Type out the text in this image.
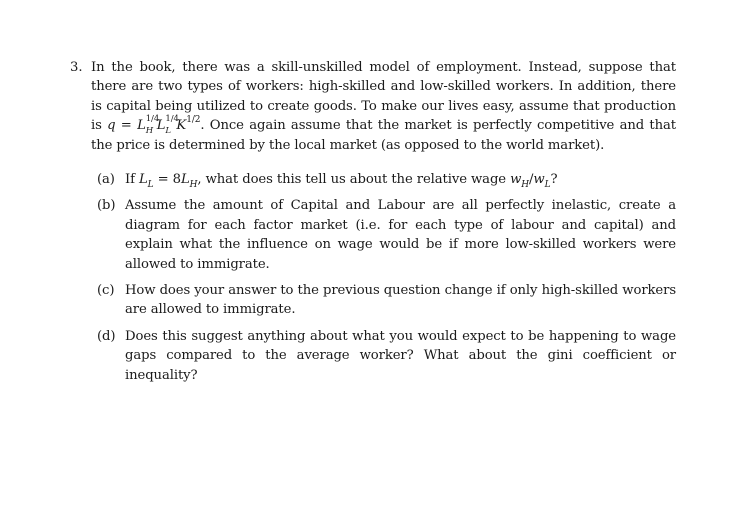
3. In the book, there was a skill-unskilled model of employment. Instead, suppose that there are two types of workers: high-skilled and low-skilled workers. In addition, there is capital being utilized to create goods. To make our lives easy, assume that production is q = L 1/4
H L 1/4
L $K^{1/2}$. Once again assume that the market is perfectly competitive and that the price is determined by the local market (as opposed to the world market).
(a) If $L_L = 8L_H$, what does this tell us about the relative wage $w_H/w_L$?
(b) Assume the amount of Capital and Labour are all perfectly inelastic, create a diagram for each factor market (i.e. for each type of labour and capital) and explain what the influence on wage would be if more low-skilled workers were allowed to immigrate.
(c) How does your answer to the previous question change if only high-skilled workers are allowed to immigrate.
(d) Does this suggest anything about what you would expect to be happening to wage gaps compared to the average worker? What about the gini coefficient or inequality?
